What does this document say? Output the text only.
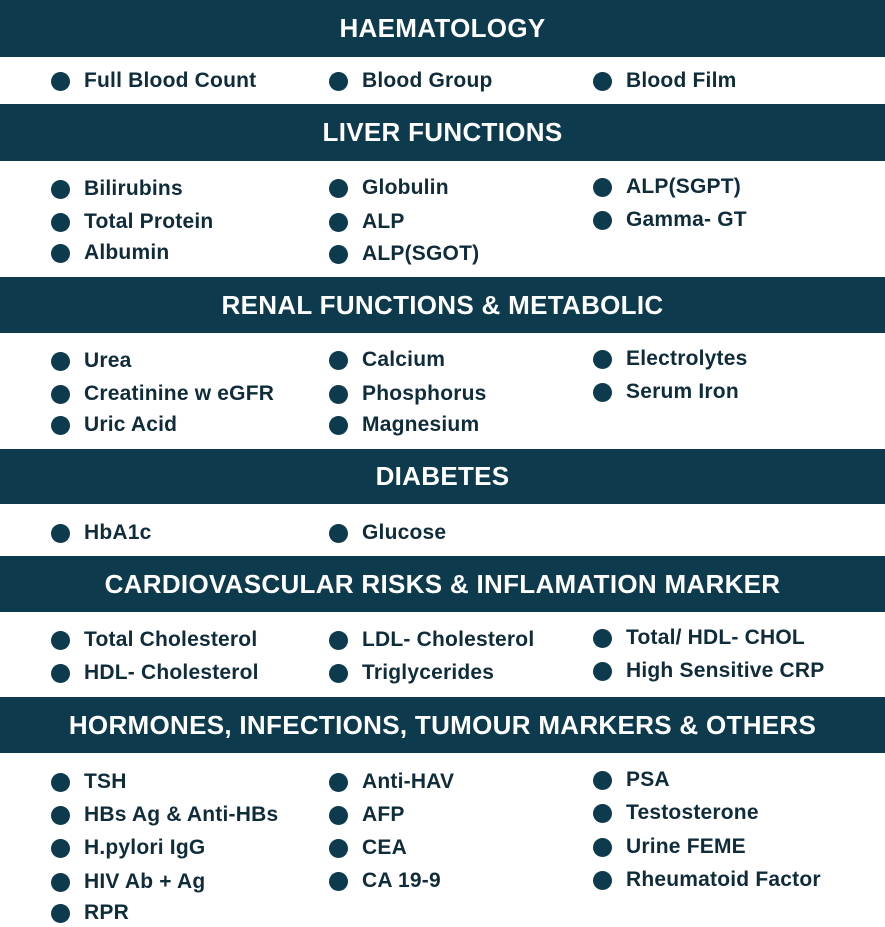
HAEMATOLOGY
Full Blood Count	Blood Group	Blood Film
LIVER FUNCTIONS
Bilirubins
Total Protein
Albumin
Globulin
ALP
ALP(SGOT)
ALP(SGPT)
Gamma- GT
RENAL FUNCTIONS & METABOLIC
Urea
Creatinine w eGFR
Uric Acid
Calcium
Phosphorus
Magnesium
Electrolytes
Serum Iron
DIABETES
HbA1c	Glucose
CARDIOVASCULAR RISKS & INFLAMATION MARKER
Total Cholesterol
HDL- Cholesterol
LDL- Cholesterol
Triglycerides
Total/ HDL- CHOL
High Sensitive CRP
HORMONES, INFECTIONS, TUMOUR MARKERS & OTHERS
TSH
HBs Ag & Anti-HBs
H.pylori IgG
HIV Ab + Ag
RPR
Anti-HAV
AFP
CEA
CA 19-9
PSA
Testosterone
Urine FEME
Rheumatoid Factor
